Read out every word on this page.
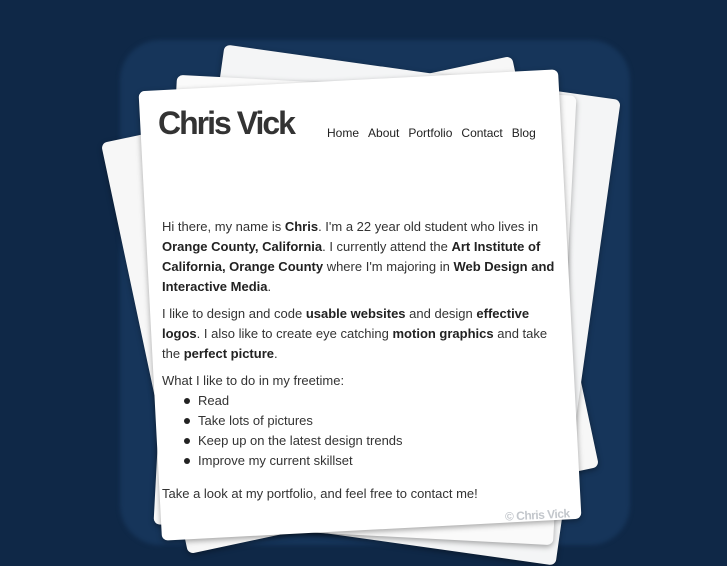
Chris Vick	Home About Portfolio Contact Blog

Hi there, my name is Chris. I'm a 22 year old student who lives in Orange County, California. I currently attend the Art Institute of California, Orange County where I'm majoring in Web Design and Interactive Media.

I like to design and code usable websites and design effective logos. I also like to create eye catching motion graphics and take the perfect picture.

What I like to do in my freetime:

Read
Take lots of pictures
Keep up on the latest design trends
Improve my current skillset

Take a look at my portfolio, and feel free to contact me!

© Chris Vick
